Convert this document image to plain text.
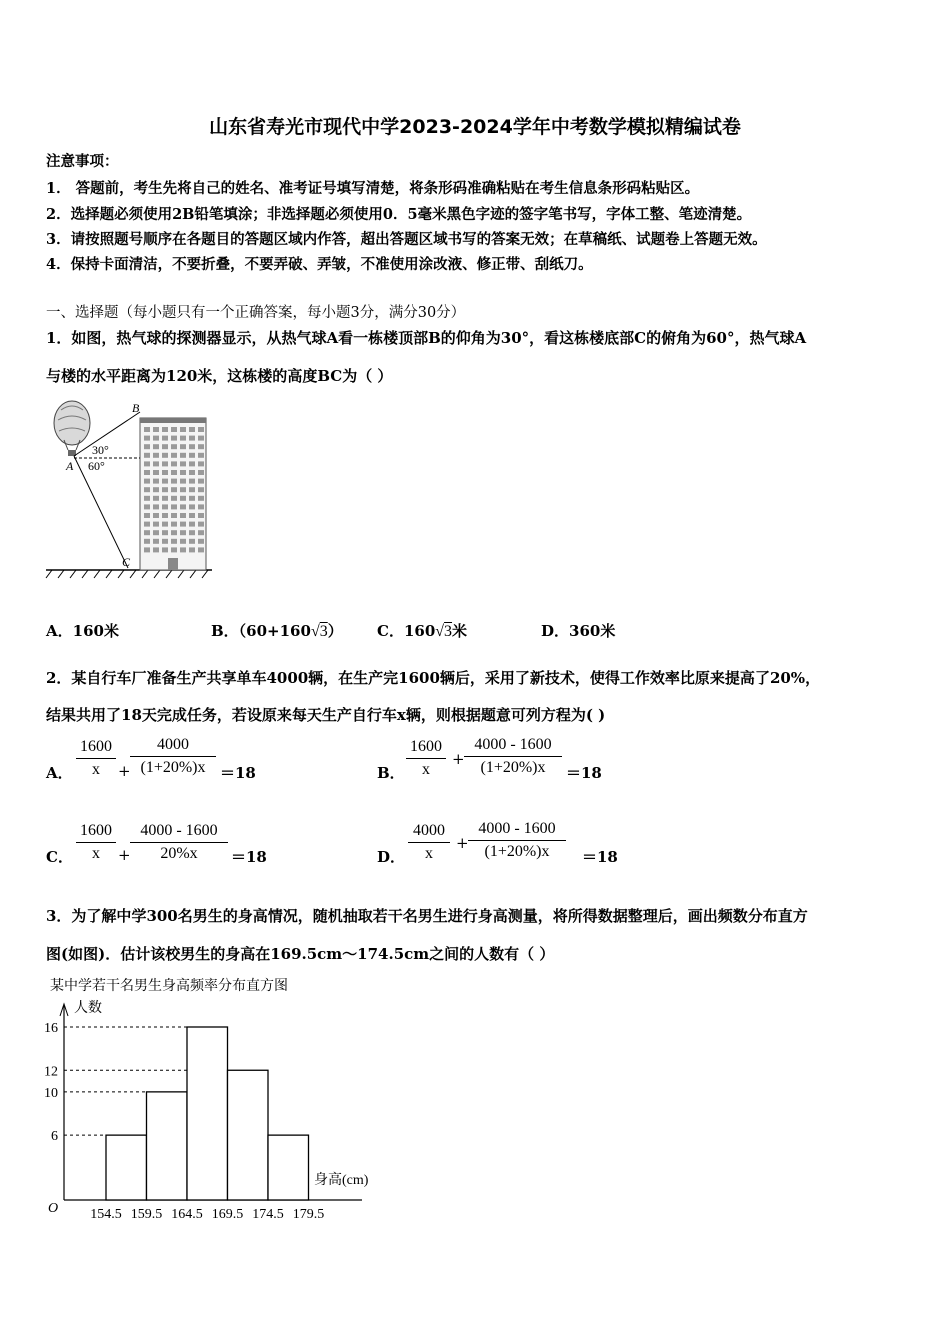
山东省寿光市现代中学2023-2024学年中考数学模拟精编试卷
注意事项：
1． 答题前，考生先将自己的姓名、准考证号填写清楚，将条形码准确粘贴在考生信息条形码粘贴区。
2．选择题必须使用2B铅笔填涂；非选择题必须使用0．5毫米黑色字迹的签字笔书写，字体工整、笔迹清楚。
3．请按照题号顺序在各题目的答题区域内作答，超出答题区域书写的答案无效；在草稿纸、试题卷上答题无效。
4．保持卡面清洁，不要折叠，不要弄破、弄皱，不准使用涂改液、修正带、刮纸刀。
一、选择题（每小题只有一个正确答案，每小题3分，满分30分）
1．如图，热气球的探测器显示，从热气球A看一栋楼顶部B的仰角为30°，看这栋楼底部C的俯角为60°，热气球A
与楼的水平距离为120米，这栋楼的高度BC为（ ）
B
A
C
30°
60°
A．160米	B．（60+160√3） C．160√3米	D．360米
2．某自行车厂准备生产共享单车4000辆，在生产完1600辆后，采用了新技术，使得工作效率比原来提高了20%，
结果共用了18天完成任务，若设原来每天生产自行车x辆，则根据题意可列方程为( )
A．
1600
x	+
4000
(1+20%)x ＝18	B．
1600
x
+
4000 - 1600
(1+20%)x	＝18
C．
1600
x	+
4000 - 1600
20%x	＝18	D．
4000
x
+
4000 - 1600
(1+20%)x	＝18
3．为了解中学300名男生的身高情况，随机抽取若干名男生进行身高测量，将所得数据整理后，画出频数分布直方
图(如图)．估计该校男生的身高在169.5cm～174.5cm之间的人数有（ ）
某中学若干名男生身高频率分布直方图
人数
身高(cm)
O
6
10
12
16
154.5 159.5 164.5 169.5 174.5 179.5
